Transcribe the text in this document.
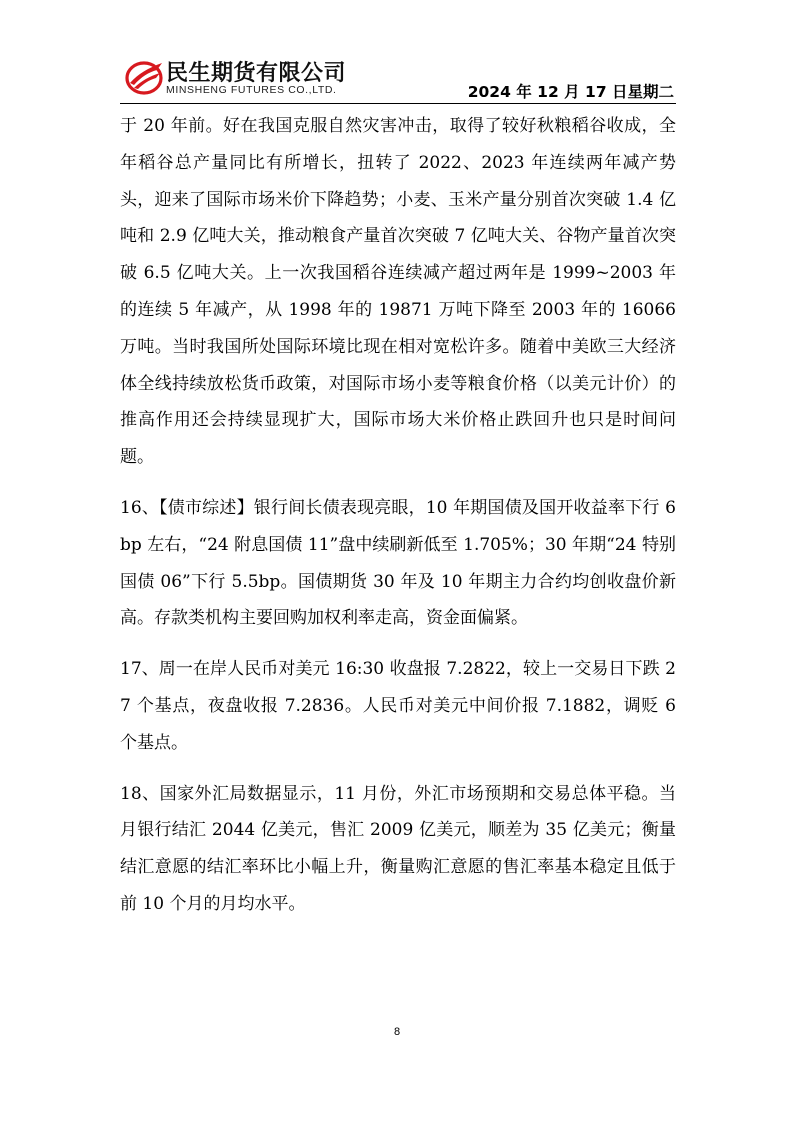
民生期货有限公司
MINSHENG FUTURES CO.,LTD.	2024 年 12 月 17 日星期二

于 20 年前。好在我国克服自然灾害冲击，取得了较好秋粮稻谷收成，全年稻谷总产量同比有所增长，扭转了 2022、2023 年连续两年减产势头，迎来了国际市场米价下降趋势；小麦、玉米产量分别首次突破 1.4 亿吨和 2.9 亿吨大关，推动粮食产量首次突破 7 亿吨大关、谷物产量首次突破 6.5 亿吨大关。上一次我国稻谷连续减产超过两年是 1999~2003 年的连续 5 年减产，从 1998 年的 19871 万吨下降至 2003 年的 16066 万吨。当时我国所处国际环境比现在相对宽松许多。随着中美欧三大经济体全线持续放松货币政策，对国际市场小麦等粮食价格（以美元计价）的推高作用还会持续显现扩大，国际市场大米价格止跌回升也只是时间问题。

16、【债市综述】银行间长债表现亮眼，10 年期国债及国开收益率下行 6bp 左右，“24 附息国债 11”盘中续刷新低至 1.705%；30 年期“24 特别国债 06”下行 5.5bp。国债期货 30 年及 10 年期主力合约均创收盘价新高。存款类机构主要回购加权利率走高，资金面偏紧。

17、周一在岸人民币对美元 16:30 收盘报 7.2822，较上一交易日下跌 27 个基点，夜盘收报 7.2836。人民币对美元中间价报 7.1882，调贬 6 个基点。

18、国家外汇局数据显示，11 月份，外汇市场预期和交易总体平稳。当月银行结汇 2044 亿美元，售汇 2009 亿美元，顺差为 35 亿美元；衡量结汇意愿的结汇率环比小幅上升，衡量购汇意愿的售汇率基本稳定且低于前 10 个月的月均水平。

8
